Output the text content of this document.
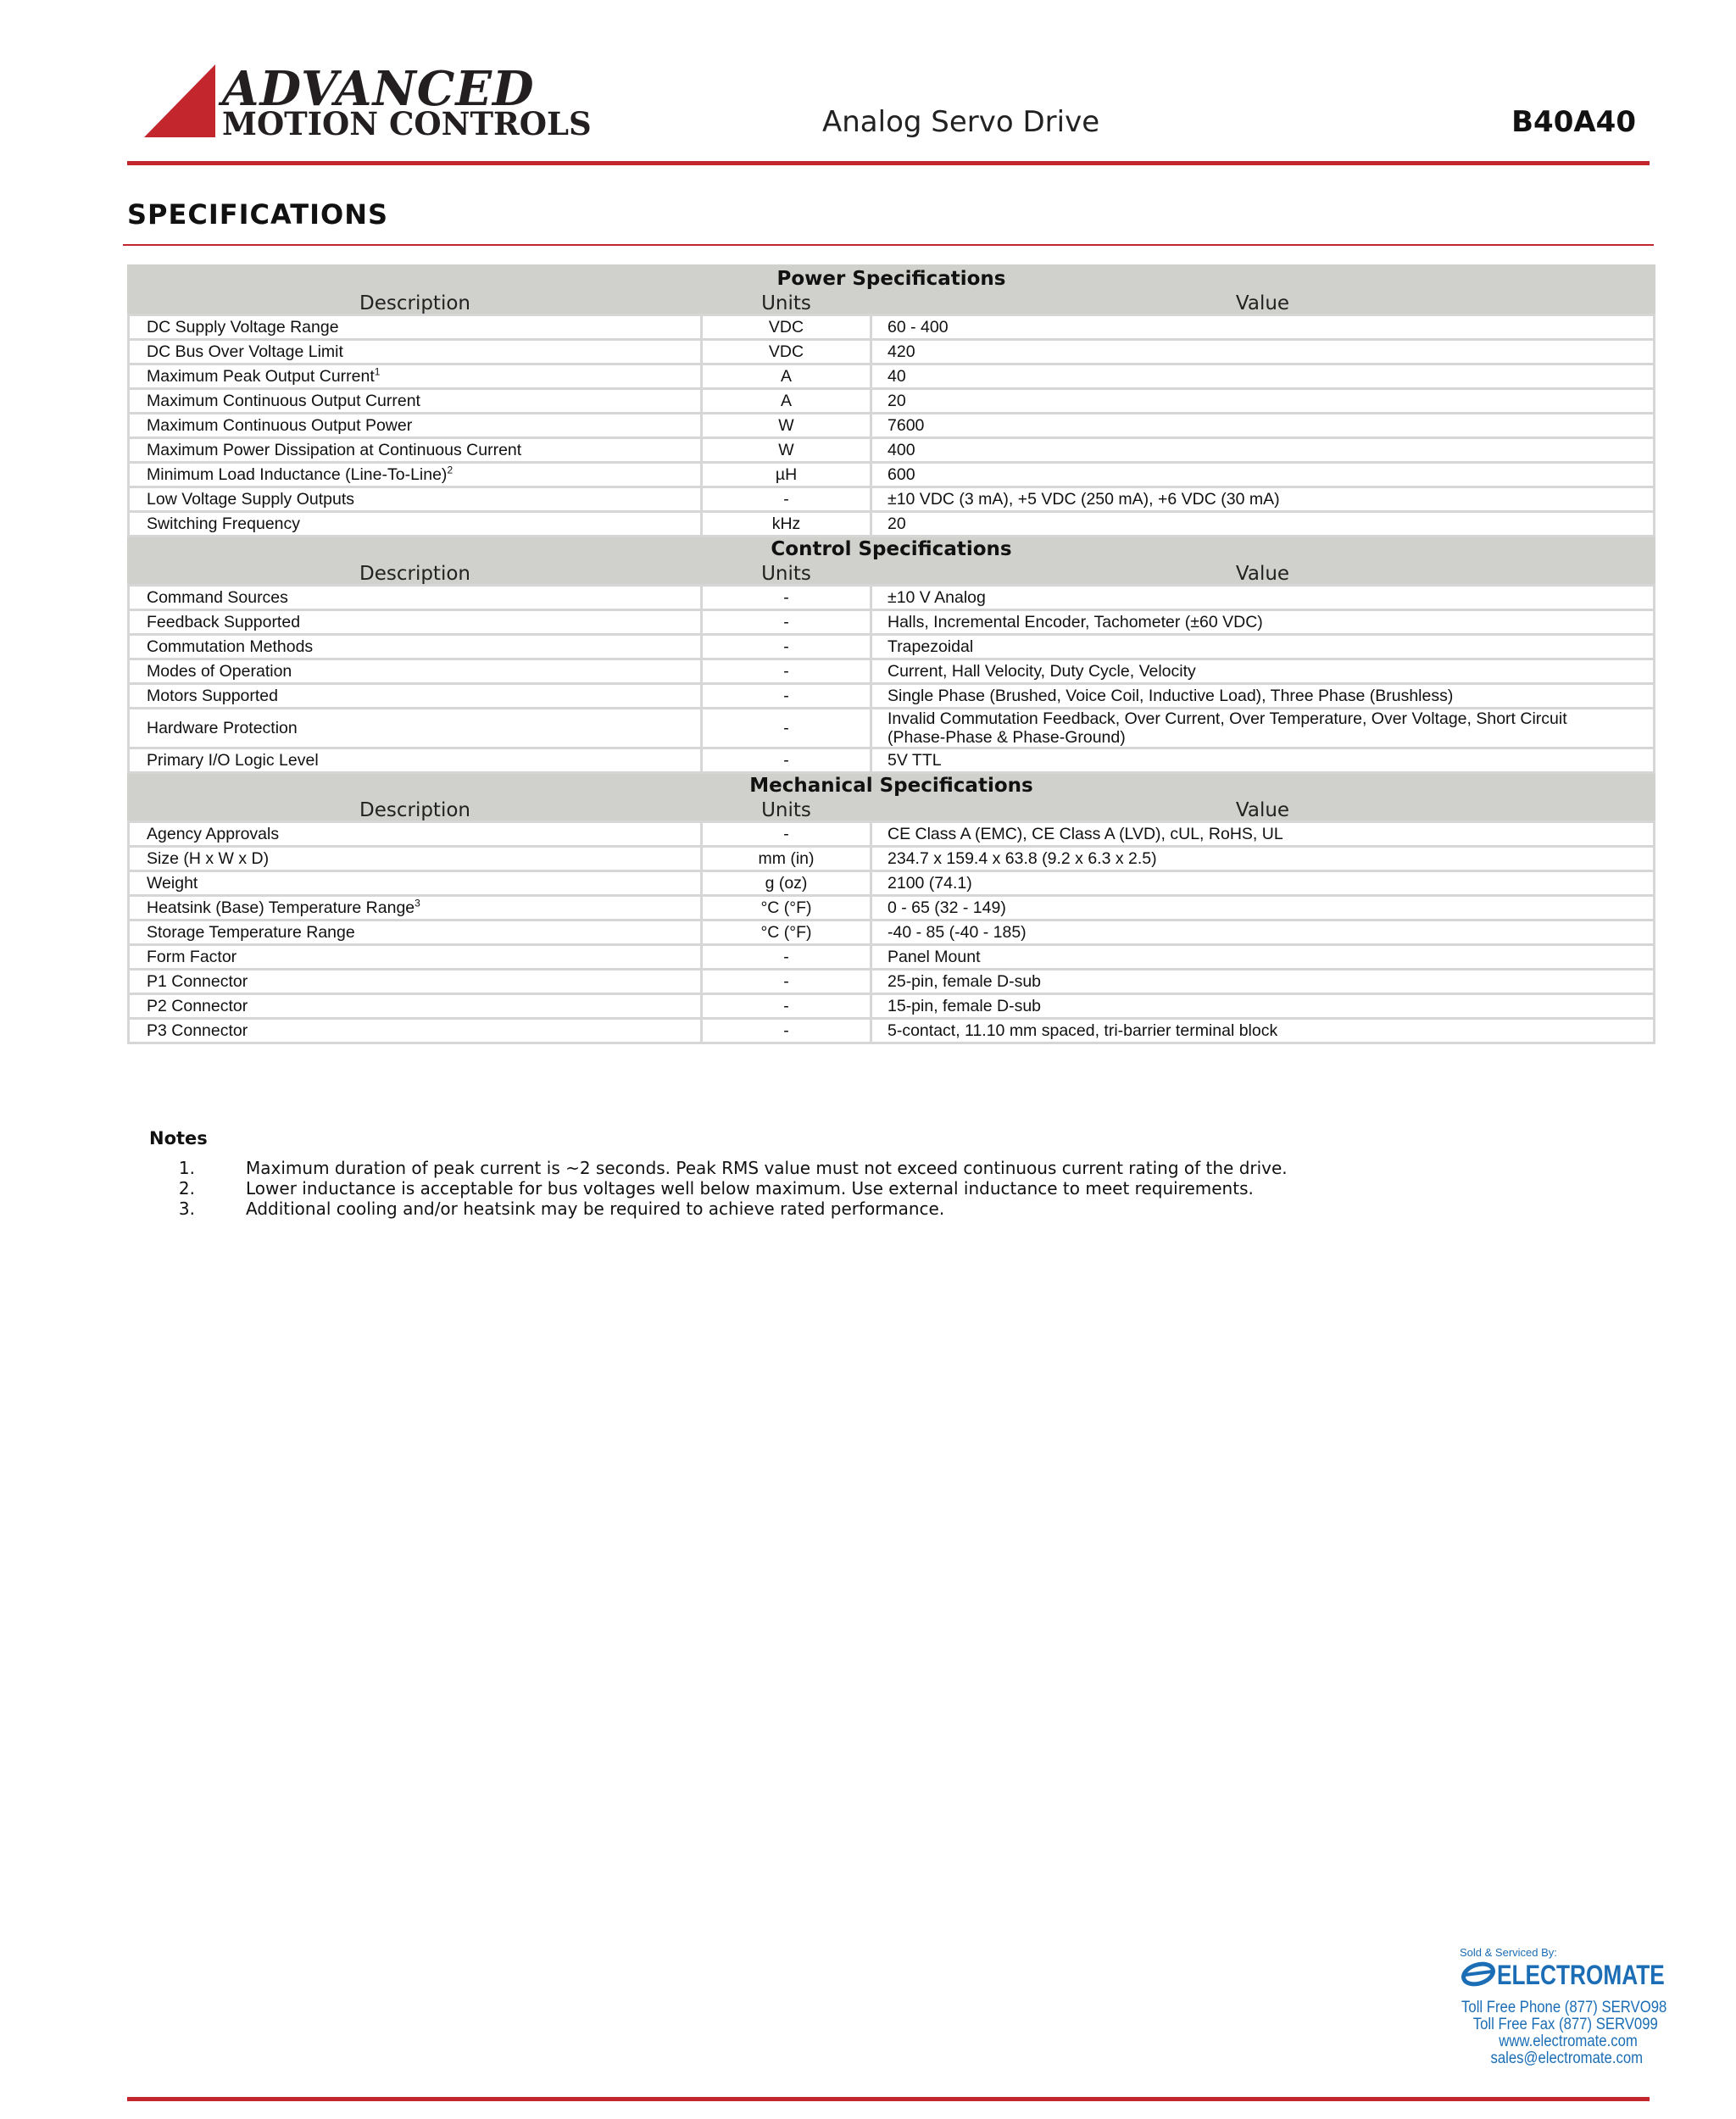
ADVANCED
MOTION CONTROLS	Analog Servo Drive	B40A40
SPECIFICATIONS
Power Specifications		
Description	Units	Value
DC Supply Voltage Range	VDC	60 - 400
DC Bus Over Voltage Limit	VDC	420
Maximum Peak Output Current$^1$	A	40
Maximum Continuous Output Current	A	20
Maximum Continuous Output Power	W	7600
Maximum Power Dissipation at Continuous Current	W	400
Minimum Load Inductance (Line-To-Line)$^2$	µH	600
Low Voltage Supply Outputs	-	±10 VDC (3 mA), +5 VDC (250 mA), +6 VDC (30 mA)
Switching Frequency	kHz	20
Control Specifications		
Description	Units	Value
Command Sources	-	±10 V Analog
Feedback Supported	-	Halls, Incremental Encoder, Tachometer (±60 VDC)
Commutation Methods	-	Trapezoidal
Modes of Operation	-	Current, Hall Velocity, Duty Cycle, Velocity
Motors Supported	-	Single Phase (Brushed, Voice Coil, Inductive Load), Three Phase (Brushless)
Hardware Protection	-	Invalid Commutation Feedback, Over Current, Over Temperature, Over Voltage, Short Circuit
(Phase-Phase & Phase-Ground)

Primary I/O Logic Level	-	5V TTL
Mechanical Specifications		
Description	Units	Value
Agency Approvals	-	CE Class A (EMC), CE Class A (LVD), cUL, RoHS, UL
Size (H x W x D)	mm (in)	234.7 x 159.4 x 63.8 (9.2 x 6.3 x 2.5)
Weight	g (oz)	2100 (74.1)
Heatsink (Base) Temperature Range$^3$	°C (°F)	0 - 65 (32 - 149)
Storage Temperature Range	°C (°F)	-40 - 85 (-40 - 185)
Form Factor	-	Panel Mount
P1 Connector	-	25-pin, female D-sub
P2 Connector	-	15-pin, female D-sub
P3 Connector	-	5-contact, 11.10 mm spaced, tri-barrier terminal block
Notes
1.	Maximum duration of peak current is ~2 seconds. Peak RMS value must not exceed continuous current rating of the drive.
2.	Lower inductance is acceptable for bus voltages well below maximum. Use external inductance to meet requirements.
3.	Additional cooling and/or heatsink may be required to achieve rated performance.
Sold & Serviced By:
ELECTROMATE
Toll Free Phone (877) SERVO98
Toll Free Fax (877) SERV099
www.electromate.com
sales@electromate.com
